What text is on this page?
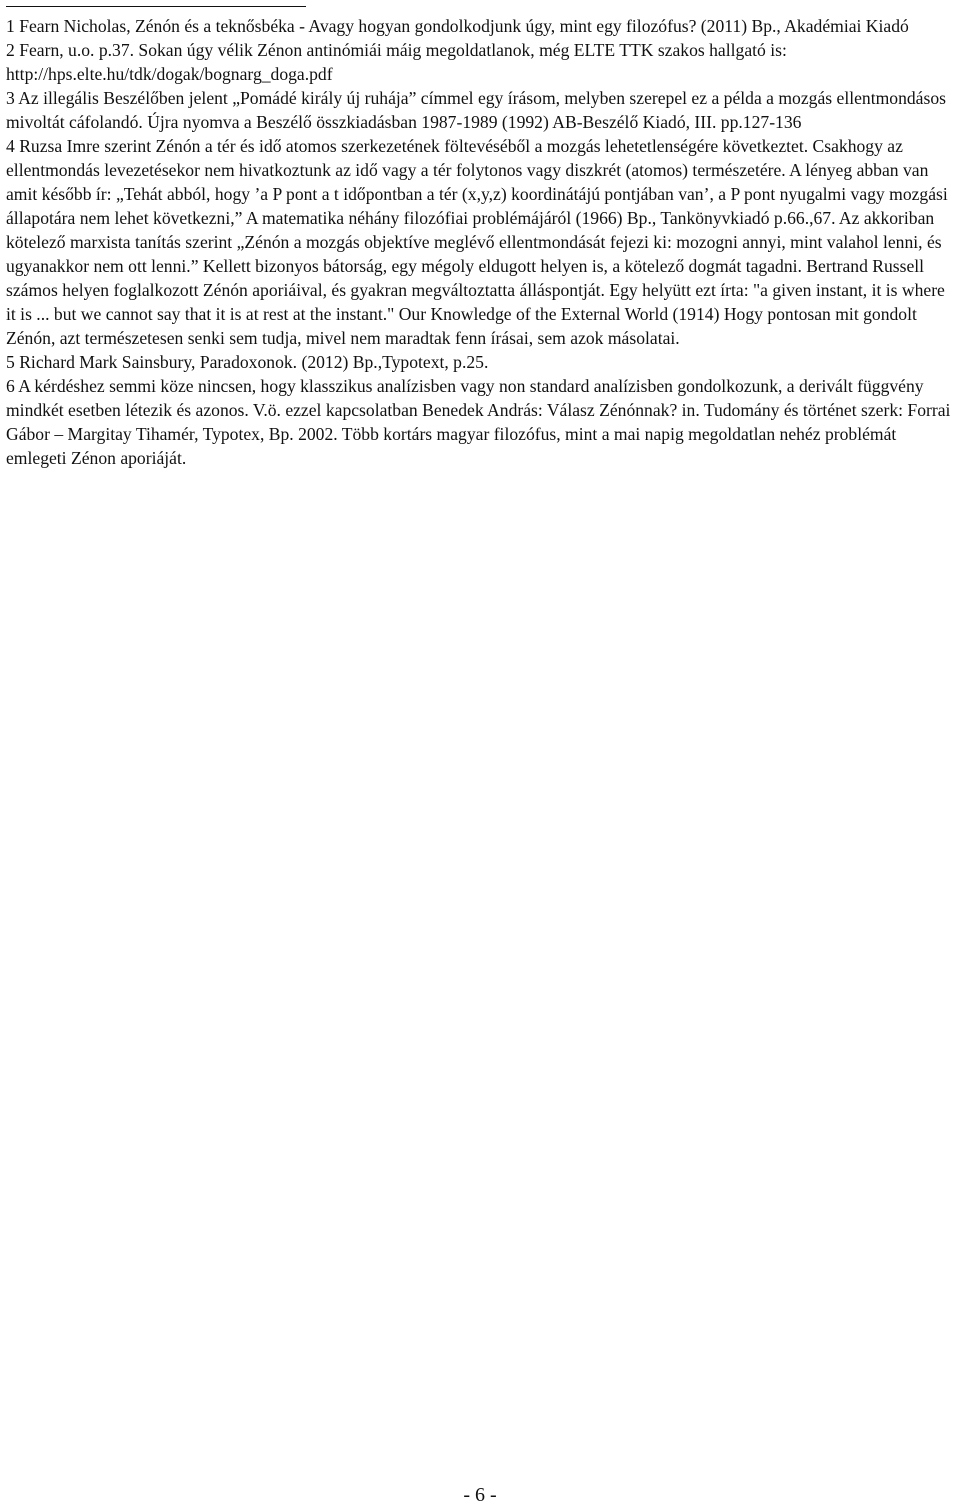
1 Fearn Nicholas, Zénón és a teknősbéka - Avagy hogyan gondolkodjunk úgy, mint egy filozófus? (2011) Bp., Akadémiai Kiadó

2 Fearn, u.o. p.37. Sokan úgy vélik Zénon antinómiái máig megoldatlanok, még ELTE TTK szakos hallgató is: http://hps.elte.hu/tdk/dogak/bognarg_doga.pdf

3 Az illegális Beszélőben jelent „Pomádé király új ruhája” címmel egy írásom, melyben szerepel ez a példa a mozgás ellentmondásos mivoltát cáfolandó. Újra nyomva a Beszélő összkiadásban 1987-1989 (1992) AB-Beszélő Kiadó, III. pp.127-136

4 Ruzsa Imre szerint Zénón a tér és idő atomos szerkezetének föltevéséből a mozgás lehetetlenségére következtet. Csakhogy az ellentmondás levezetésekor nem hivatkoztunk az idő vagy a tér folytonos vagy diszkrét (atomos) természetére. A lényeg abban van amit később ír: „Tehát abból, hogy ’a P pont a t időpontban a tér (x,y,z) koordinátájú pontjában van’, a P pont nyugalmi vagy mozgási állapotára nem lehet következni,” A matematika néhány filozófiai problémájáról (1966) Bp., Tankönyvkiadó p.66.,67. Az akkoriban kötelező marxista tanítás szerint „Zénón a mozgás objektíve meglévő ellentmondását fejezi ki: mozogni annyi, mint valahol lenni, és ugyanakkor nem ott lenni.” Kellett bizonyos bátorság, egy mégoly eldugott helyen is, a kötelező dogmát tagadni. Bertrand Russell számos helyen foglalkozott Zénón aporiáival, és gyakran megváltoztatta álláspontját. Egy helyütt ezt írta: "a given instant, it is where it is ... but we cannot say that it is at rest at the instant." Our Knowledge of the External World (1914) Hogy pontosan mit gondolt Zénón, azt természetesen senki sem tudja, mivel nem maradtak fenn írásai, sem azok másolatai.

5 Richard Mark Sainsbury, Paradoxonok. (2012) Bp.,Typotext, p.25.

6 A kérdéshez semmi köze nincsen, hogy klasszikus analízisben vagy non standard analízisben gondolkozunk, a derivált függvény mindkét esetben létezik és azonos. V.ö. ezzel kapcsolatban Benedek András: Válasz Zénónnak? in. Tudomány és történet szerk: Forrai Gábor – Margitay Tihamér, Typotex, Bp. 2002. Több kortárs magyar filozófus, mint a mai napig megoldatlan nehéz problémát emlegeti Zénon aporiáját.

- 6 -
